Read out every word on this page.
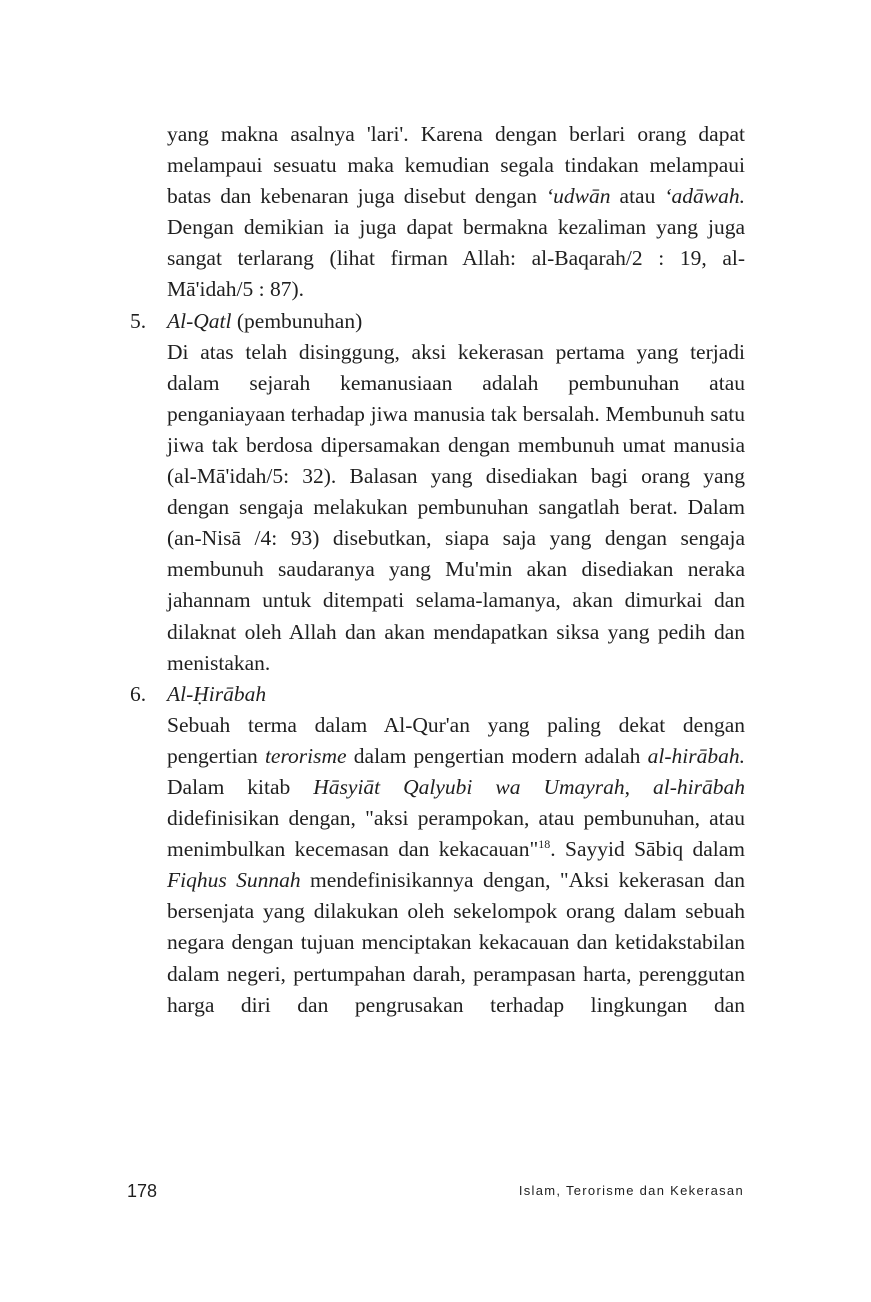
yang makna asalnya 'lari'. Karena dengan berlari orang dapat melampaui sesuatu maka kemudian segala tindakan melampaui batas dan kebenaran juga disebut dengan ‘udwān atau ‘adāwah. Dengan demikian ia juga dapat bermakna kezaliman yang juga sangat terlarang (lihat firman Allah: al-Baqarah/2 : 19, al-Mā'idah/5 : 87).

5. Al-Qatl (pembunuhan)

Di atas telah disinggung, aksi kekerasan pertama yang terjadi dalam sejarah kemanusiaan adalah pembunuhan atau penganiayaan terhadap jiwa manusia tak bersalah. Membunuh satu jiwa tak berdosa dipersamakan dengan membunuh umat manusia (al-Mā'idah/5: 32). Balasan yang disediakan bagi orang yang dengan sengaja melakukan pembunuhan sangatlah berat. Dalam (an-Nisā /4: 93) disebutkan, siapa saja yang dengan sengaja membunuh saudaranya yang Mu'min akan disediakan neraka jahannam untuk ditempati selama-lamanya, akan dimurkai dan dilaknat oleh Allah dan akan mendapatkan siksa yang pedih dan menistakan.

6. Al-Ḥirābah

Sebuah terma dalam Al-Qur'an yang paling dekat dengan pengertian terorisme dalam pengertian modern adalah al-hirābah. Dalam kitab Hāsyiāt Qalyubi wa Umayrah, al-hirābah didefinisikan dengan, "aksi perampokan, atau pembunuhan, atau menimbulkan kecemasan dan kekacauan"$^{18}$. Sayyid Sābiq dalam Fiqhus Sunnah mendefinisikannya dengan, "Aksi kekerasan dan bersenjata yang dilakukan oleh sekelompok orang dalam sebuah negara dengan tujuan menciptakan kekacauan dan ketidakstabilan dalam negeri, pertumpahan darah, perampasan harta, perenggutan harga diri dan pengrusakan terhadap lingkungan dan

178	Islam, Terorisme dan Kekerasan
